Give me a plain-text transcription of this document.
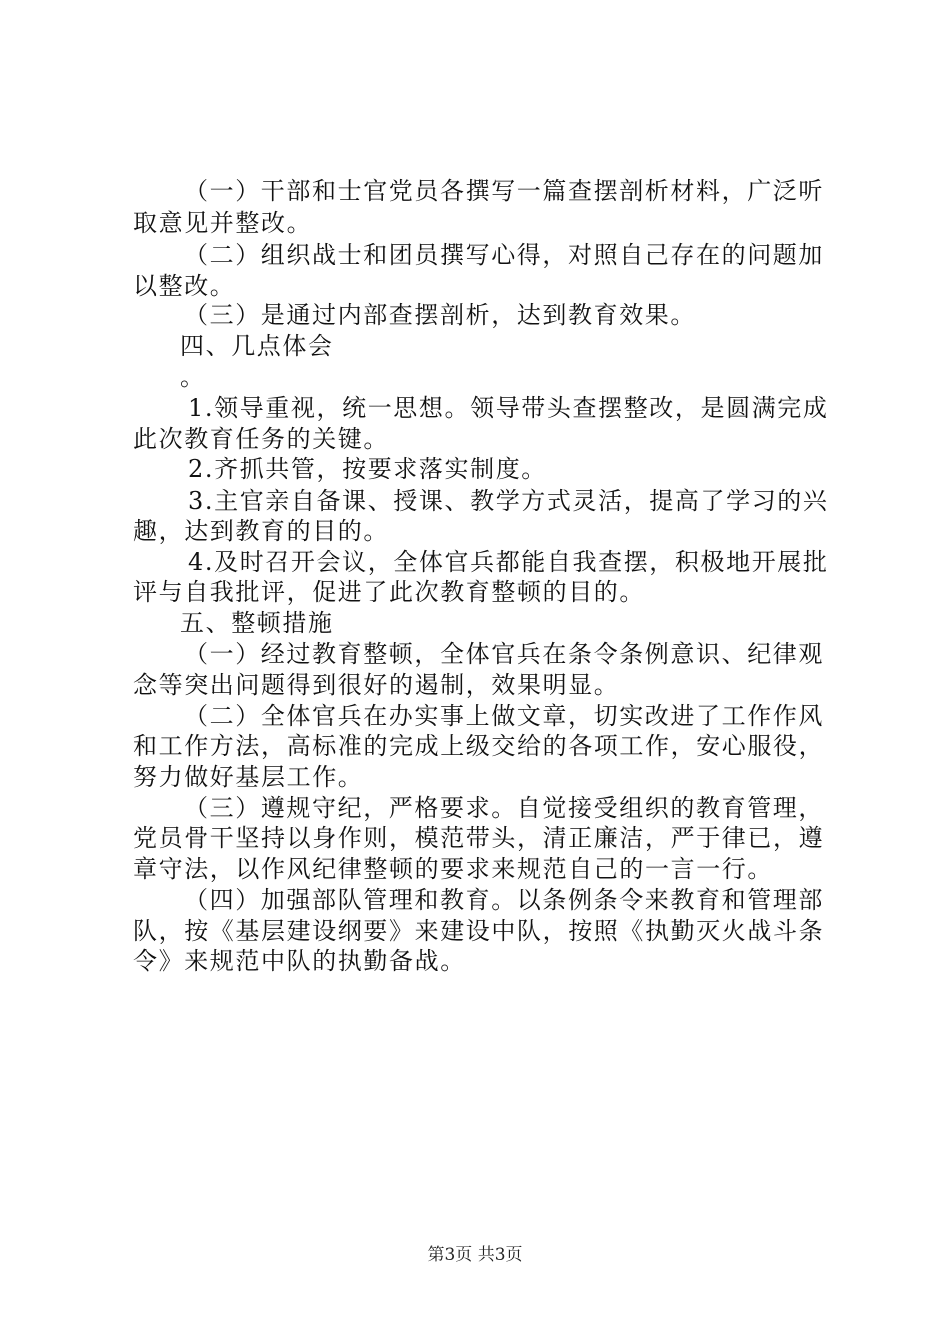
（一）干部和士官党员各撰写一篇查摆剖析材料，广泛听
取意见并整改。
（二）组织战士和团员撰写心得，对照自己存在的问题加
以整改。
（三）是通过内部查摆剖析，达到教育效果。
四、几点体会
。
1.领导重视，统一思想。领导带头查摆整改，是圆满完成
此次教育任务的关键。
2.齐抓共管，按要求落实制度。
3.主官亲自备课、授课、教学方式灵活，提高了学习的兴
趣，达到教育的目的。
4.及时召开会议，全体官兵都能自我查摆，积极地开展批
评与自我批评，促进了此次教育整顿的目的。
五、整顿措施
（一）经过教育整顿，全体官兵在条令条例意识、纪律观
念等突出问题得到很好的遏制，效果明显。
（二）全体官兵在办实事上做文章，切实改进了工作作风
和工作方法，高标准的完成上级交给的各项工作，安心服役，
努力做好基层工作。
（三）遵规守纪，严格要求。自觉接受组织的教育管理，
党员骨干坚持以身作则，模范带头，清正廉洁，严于律已，遵
章守法，以作风纪律整顿的要求来规范自己的一言一行。
（四）加强部队管理和教育。以条例条令来教育和管理部
队，按《基层建设纲要》来建设中队，按照《执勤灭火战斗条
令》来规范中队的执勤备战。
第3页 共3页
